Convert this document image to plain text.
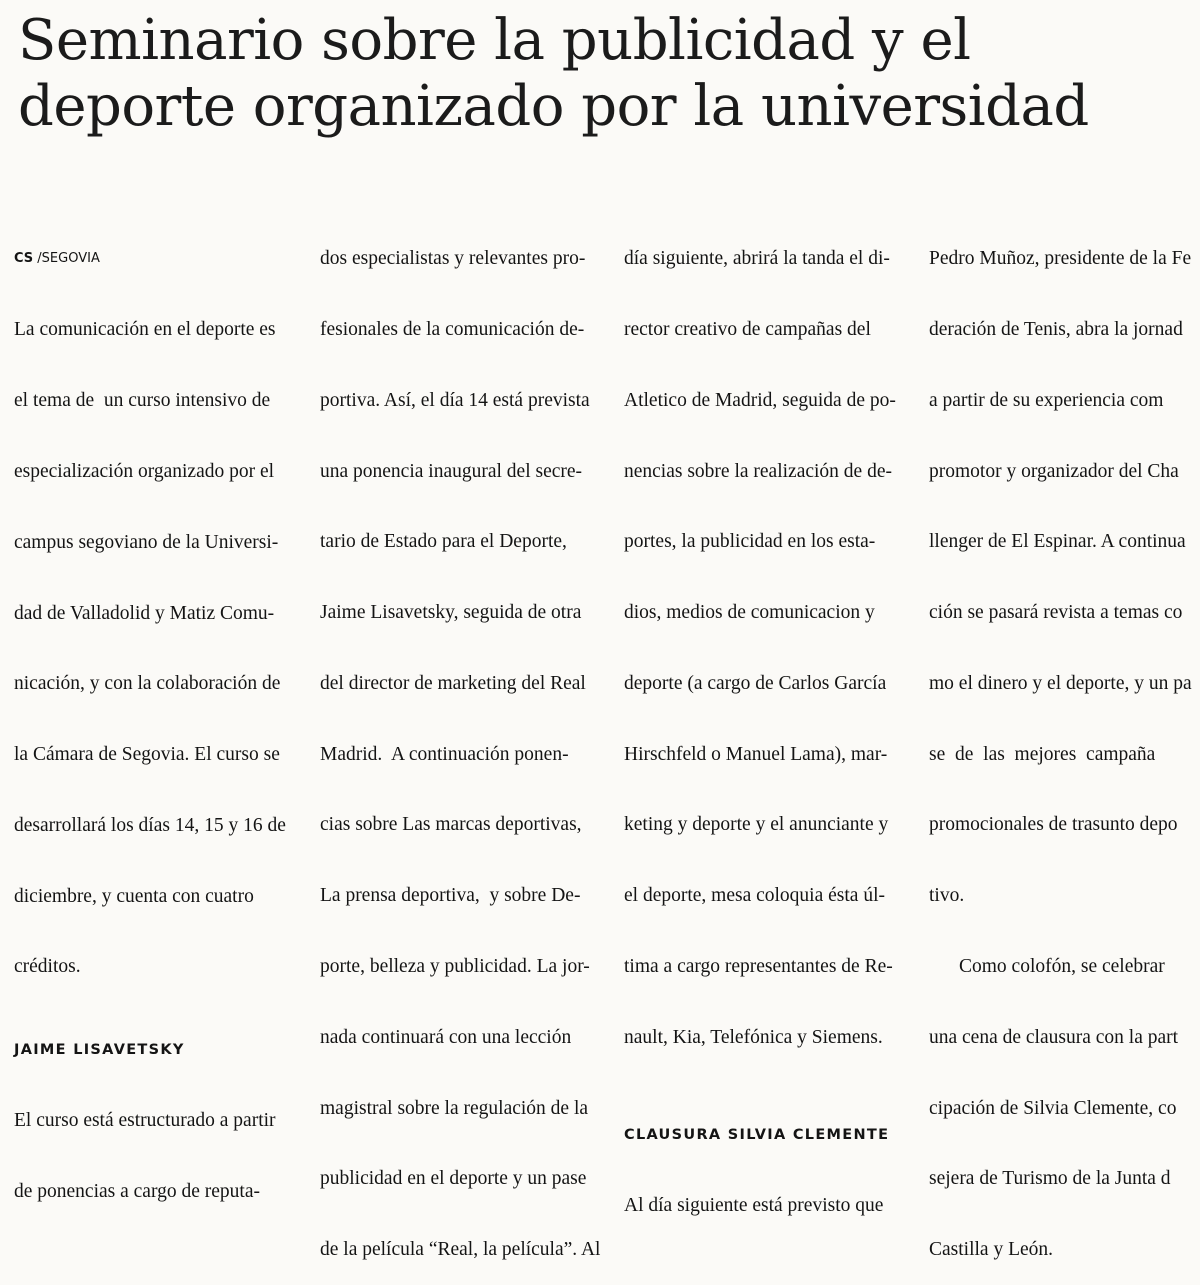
Seminario sobre la publicidad y el
deporte organizado por la universidad

CS /SEGOVIA

La comunicación en el deporte es

el tema de  un curso intensivo de

especialización organizado por el

campus segoviano de la Universi-

dad de Valladolid y Matiz Comu-

nicación, y con la colaboración de

la Cámara de Segovia. El curso se

desarrollará los días 14, 15 y 16 de

diciembre, y cuenta con cuatro

créditos.

JAIME LISAVETSKY

El curso está estructurado a partir

de ponencias a cargo de reputa-

dos especialistas y relevantes pro-

fesionales de la comunicación de-

portiva. Así, el día 14 está prevista

una ponencia inaugural del secre-

tario de Estado para el Deporte,

Jaime Lisavetsky, seguida de otra

del director de marketing del Real

Madrid.  A continuación ponen-

cias sobre Las marcas deportivas,

La prensa deportiva,  y sobre De-

porte, belleza y publicidad. La jor-

nada continuará con una lección

magistral sobre la regulación de la

publicidad en el deporte y un pase

de la película “Real, la película”. Al

día siguiente, abrirá la tanda el di-

rector creativo de campañas del

Atletico de Madrid, seguida de po-

nencias sobre la realización de de-

portes, la publicidad en los esta-

dios, medios de comunicacion y

deporte (a cargo de Carlos García

Hirschfeld o Manuel Lama), mar-

keting y deporte y el anunciante y

el deporte, mesa coloquia ésta úl-

tima a cargo representantes de Re-

nault, Kia, Telefónica y Siemens.

CLAUSURA SILVIA CLEMENTE

Al día siguiente está previsto que

Pedro Muñoz, presidente de la Fe

deración de Tenis, abra la jornad

a partir de su experiencia com

promotor y organizador del Cha

llenger de El Espinar. A continua

ción se pasará revista a temas co

mo el dinero y el deporte, y un pa

se  de  las  mejores  campaña

promocionales de trasunto depo

tivo.

Como colofón, se celebrar

una cena de clausura con la part

cipación de Silvia Clemente, co

sejera de Turismo de la Junta d

Castilla y León.
